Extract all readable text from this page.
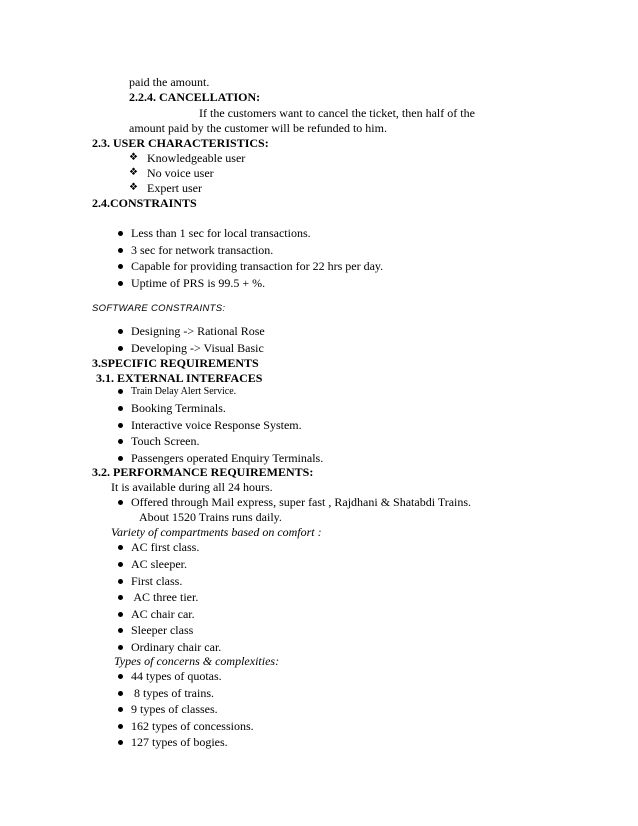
paid the amount.
2.2.4. CANCELLATION:
If the customers want to cancel the ticket, then half of the
amount paid by the customer will be refunded to him.
2.3. USER CHARACTERISTICS:
❖ Knowledgeable user
❖ No voice user
❖ Expert user
2.4.CONSTRAINTS
Less than 1 sec for local transactions.
3 sec for network transaction.
Capable for providing transaction for 22 hrs per day.
Uptime of PRS is 99.5 + %.
SOFTWARE CONSTRAINTS:
Designing -> Rational Rose
Developing -> Visual Basic
3.SPECIFIC REQUIREMENTS
3.1. EXTERNAL INTERFACES
Train Delay Alert Service.
Booking Terminals.
Interactive voice Response System.
Touch Screen.
Passengers operated Enquiry Terminals.
3.2. PERFORMANCE REQUIREMENTS:
It is available during all 24 hours.
Offered through Mail express, super fast , Rajdhani & Shatabdi Trains.
About 1520 Trains runs daily.
Variety of compartments based on comfort :
AC first class.
AC sleeper.
First class.
AC three tier.
AC chair car.
Sleeper class
Ordinary chair car.
Types of concerns & complexities:
44 types of quotas.
8 types of trains.
9 types of classes.
162 types of concessions.
127 types of bogies.
